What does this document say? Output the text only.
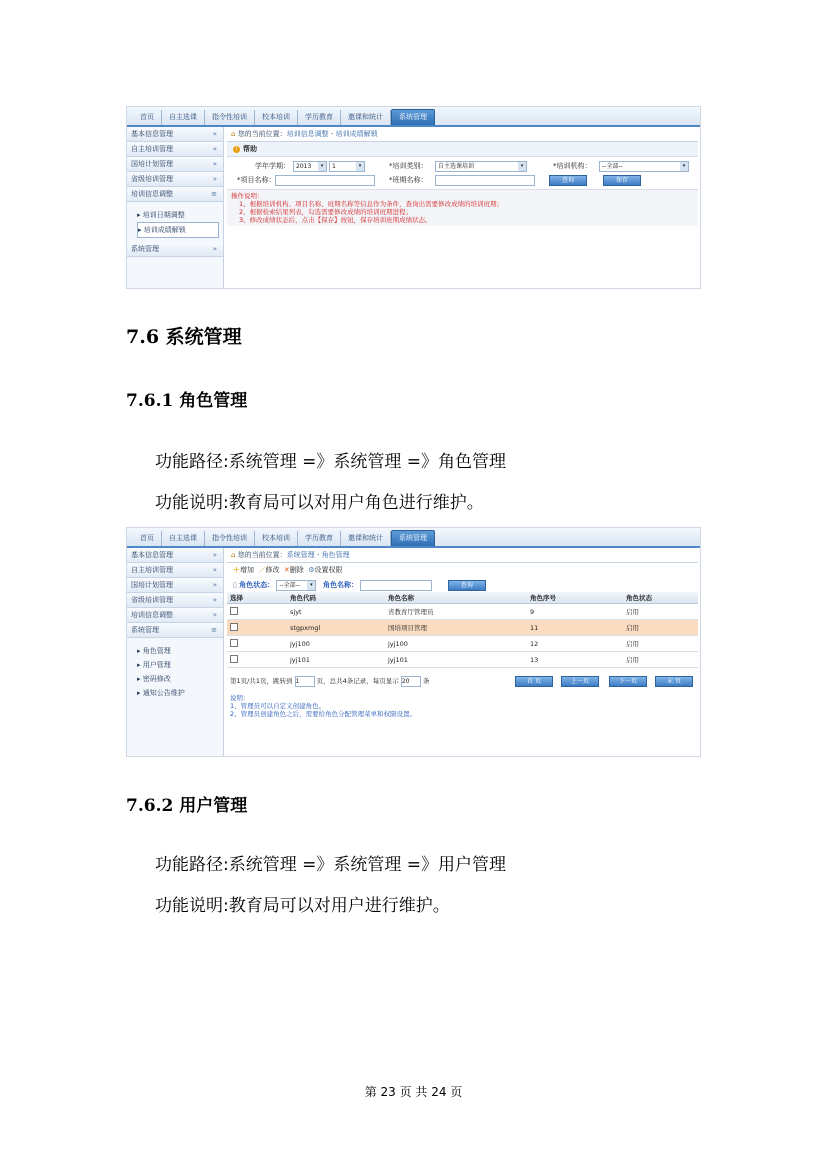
首页	自主选课	指令性培训	校本培训	学历教育	邀课和统计	系统管理
基本信息管理	»
自主培训管理	»
国培计划管理	»
省级培训管理	»
培训信息调整	≡
▸ 培训日期调整
▸ 培训成绩解锁
系统管理	»
⌂ 您的当前位置：培训信息调整 - 培训成绩解锁
i 帮助
学年学期：	2013	▾	1	▾	*培训类别：	自主选课培训	▾	*培训机构：	--全部--	▾
*项目名称：	*班期名称：	查询	保存
操作说明：
1、根据培训机构、项目名称、班期名称等信息作为条件，查询出需要修改成绩的培训班期；
2、根据检索结果列表，勾选需要修改成绩的培训班期进程；
3、修改成绩状态后，点击【保存】按钮，保存培训班期成绩状态。
7.6 系统管理
7.6.1 角色管理
功能路径:系统管理 =》系统管理 =》角色管理
功能说明:教育局可以对用户角色进行维护。
首页	自主选课	指令性培训	校本培训	学历教育	邀课和统计	系统管理
基本信息管理	»
自主培训管理	»
国培计划管理	»
省级培训管理	»
培训信息调整	»
系统管理	≡
▸ 角色管理
▸ 用户管理
▸ 密码修改
▸ 通知公告维护
⌂ 您的当前位置：系统管理 - 角色管理
＋增加 ／修改 ✕删除 ⚙设置权限
▯ 角色状态： --全部--	▾	角色名称：	查询
选择	角色代码	角色名称	角色序号	角色状态
	sjyt	省教育厅管理员	9	启用
	stgpxmgl	国培项目管理	11	启用
	jyj100	jyj100	12	启用
	jyj101	jyj101	13	启用
第1页/共1页，跳转到 1	页，总共4条记录，每页显示 20 条	首 页	上一页	下一页	末 页
说明：
1、管理员可以自定义创建角色。
2、管理员创建角色之后，需要给角色分配管理菜单和权限设置。
7.6.2 用户管理
功能路径:系统管理 =》系统管理 =》用户管理
功能说明:教育局可以对用户进行维护。
第 23 页 共 24 页
